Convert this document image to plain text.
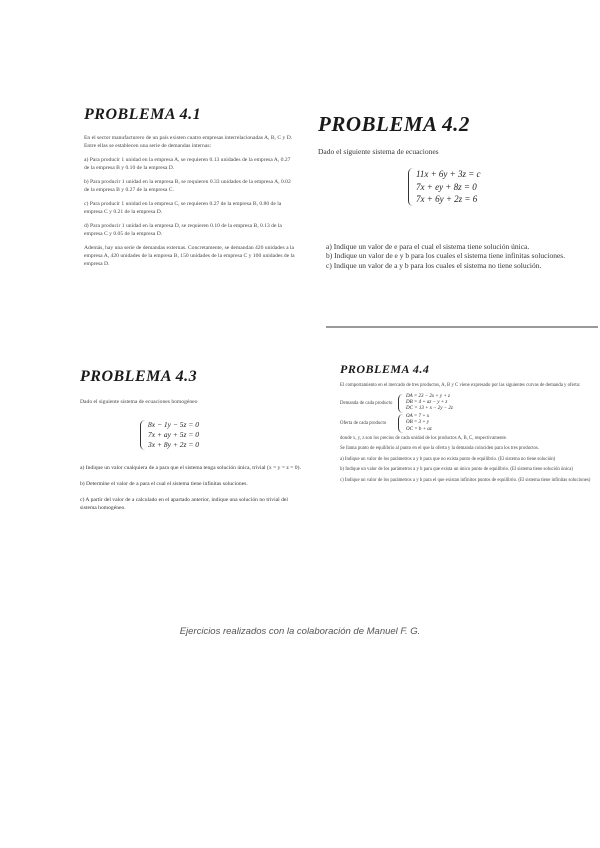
PROBLEMA 4.1

En el sector manufacturero de un país existen cuatro empresas interrelacionadas A, B, C y D. Entre ellas se establecen una serie de demandas internas:

a) Para producir 1 unidad en la empresa A, se requieren 0.13 unidades de la empresa A, 0.27 de la empresa B y 0.10 de la empresa D.

b) Para producir 1 unidad en la empresa B, se requieren 0.33 unidades de la empresa A, 0.02 de la empresa B y 0.27 de la empresa C.

c) Para producir 1 unidad en la empresa C, se requieren 0.27 de la empresa B, 0.80 de la empresa C y 0.21 de la empresa D.

d) Para producir 1 unidad en la empresa D, se requieren 0.10 de la empresa B, 0.13 de la empresa C y 0.05 de la empresa D.

Además, hay una serie de demandas externas. Concretamente, se demandan 420 unidades a la empresa A, 420 unidades de la empresa B, 150 unidades de la empresa C y 100 unidades de la empresa D.

PROBLEMA 4.2
Dado el siguiente sistema de ecuaciones
11x + 6y + 3z = c
7x + ey + 8z = 0
7x + 6y + 2z = 6
a) Indique un valor de e para el cual el sistema tiene solución única.
b) Indique un valor de e y b para los cuales el sistema tiene infinitas soluciones.
c) Indique un valor de a y b para los cuales el sistema no tiene solución.
PROBLEMA 4.3
Dado el siguiente sistema de ecuaciones homogéneo
8x − 1y − 5z = 0
7x + ay + 5z = 0
3x + 8y + 2z = 0
a) Indique un valor cualquiera de a para que el sistema tenga solución única, trivial (x = y = z = 0).
b) Determine el valor de a para el cual el sistema tiene infinitas soluciones.
c) A partir del valor de a calculado en el apartado anterior, indique una solución no trivial del sistema homogéneo.
PROBLEMA 4.4
El comportamiento en el mercado de tres productos, A, B y C viene expresado por las siguientes curvas de demanda y oferta:
Demanda de cada producto
DA = 23 − 2x + y + z
DB = 4 + az − y + z
DC = 13 + x − 2y − 2z
Oferta de cada producto
OA = 7 + x
OB = 3 + y
OC = b + az
donde x, y, z son los precios de cada unidad de los productos A, B, C, respectivamente.
Se llama punto de equilibrio al punto en el que la oferta y la demanda coinciden para los tres productos.
a) Indique un valor de los parámetros a y b para que no exista punto de equilibrio. (El sistema no tiene solución)
b) Indique un valor de los parámetros a y b para que exista un único punto de equilibrio. (El sistema tiene solución única)
c) Indique un valor de los parámetros a y b para el que existan infinitos puntos de equilibrio. (El sistema tiene infinitas soluciones)
Ejercicios realizados con la colaboración de Manuel F. G.
